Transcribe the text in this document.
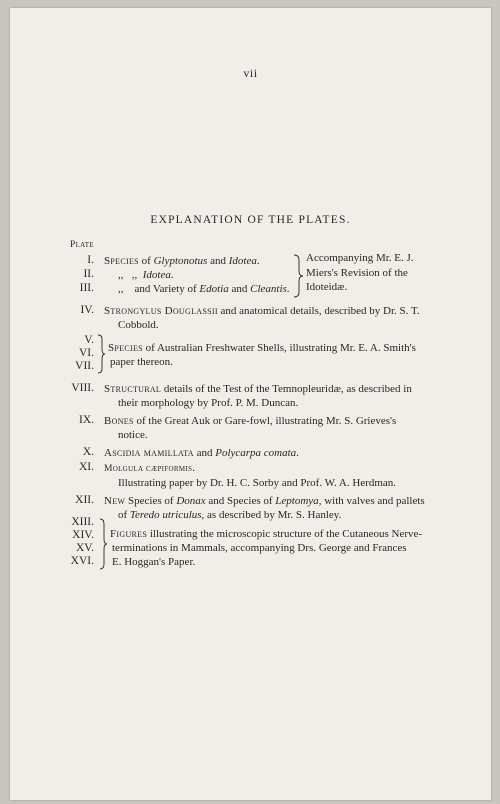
vii
EXPLANATION OF THE PLATES.
Plate
I. Species of Glyptonotus and Idotea.
II. ,,   ,,  Idotea.
III. ,,    and Variety of Edotia and Cleantis.
Accompanying Mr. E. J.
Miers's Revision of the
Idoteidæ.
IV. Strongylus Douglassii and anatomical details, described by Dr. S. T.
Cobbold.
V.
VI.
VII.
Species of Australian Freshwater Shells, illustrating Mr. E. A. Smith's
paper thereon.
VIII. Structural details of the Test of the Temnopleuridæ, as described in
their morphology by Prof. P. M. Duncan.
IX. Bones of the Great Auk or Gare-fowl, illustrating Mr. S. Grieves's
notice.
X. Ascidia mamillata and Polycarpa comata.
XI. Molgula cæpiformis.
Illustrating paper by Dr. H. C. Sorby and Prof. W. A. Herdman.
XII. New Species of Donax and Species of Leptomya, with valves and pallets
of Teredo utriculus, as described by Mr. S. Hanley.
XIII.
XIV.
XV.
XVI.
Figures illustrating the microscopic structure of the Cutaneous Nerve-
terminations in Mammals, accompanying Drs. George and Frances
E. Hoggan's Paper.
